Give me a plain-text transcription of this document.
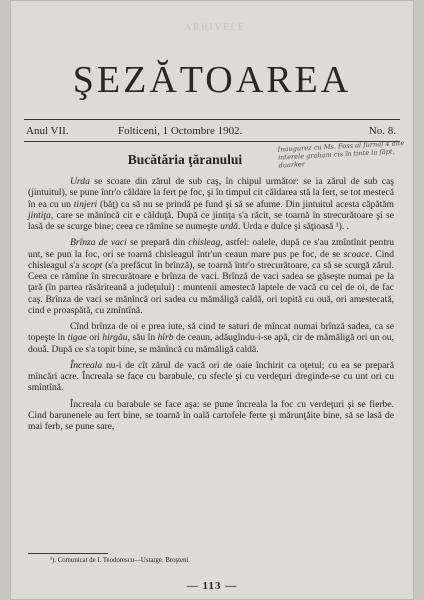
ARHIVELE
ŞEZĂTOAREA
Anul VII.	Folticeni, 1 Octombre 1902.	No. 8.
Inaugurez cu Ms. Foss al furnal 4 alte interele graham cis în tinte la făpt, duarker
Bucătăria ţăranului

Urda se scoate din zărul de sub caş, în chipul următor: se ia zărul de sub caş (jintuitul), se pune într'o căldare la fert pe foc, şi în timpul cit căldarea stă la fert, se tot mestecă în ea cu un tinjeri (băţ) ca să nu se prindă pe fund şi să se afume. Din jintuitul acesta căpătăm jintiţa, care se mănîncă cit e călduţă. După ce jintiţa s'a răcit, se toarnă în strecurătoare şi se lasă de se scurge bine; ceea ce rămîne se numeşte urdă. Urda e dulce şi săţioasă ¹). .

Brînza de vaci se prepară din chisleag, astfel: oalele, după ce s'au zmîntînit pentru unt, se pun la foc, ori se toarnă chisleagul într'un ceaun mare pus pe foc, de se scoace. Cind chisleagul s'a scopt (s'a prefăcut în brînză), se toarnă într'o strecurătoare, ca să se scurgă zărul. Ceea ce rămîne în strecurătoare e brînza de vaci. Brînză de vaci sadea se găseşte numai pe la ţară (în partea răsăriteană a judeţului) : muntenii amestecă laptele de vacă cu cel de oi, de fac caş. Brînza de vaci se mănîncă ori sadea cu mămăligă caldă, ori topită cu ouă, ori amestecată, cind e proaspătă, cu zmîntînă.

Cînd brînza de oi e prea iute, să cind te saturi de mîncat numai brînză sadea, ca se topeşte în tigae ori hirgău, său în hîrb de ceaun, adăugîndu-i-se apă, cir de mămăligă ori un ou, două. După ce s'a topit bine, se mănîncă cu mămăligă caldă.

Încreala nu-i de cît zărul de vacă ori de oaie închirit ca oţetul; cu ea se prepară mîncări acre. Încreala se face cu barabule, cu sfecle şi cu verdeţuri dreginde-se cu unt ori cu smîntînă.

Încreala cu barabule se face aşa: se pune încreala la foc cu verdeţuri şi se fierbe. Cind barunenele au fert bine, se toarnă în oală cartofele ferte şi mărunţăite bine, să se lasă de mai ferb, se pune sare,

¹). Comunicat de I. Teodorescu—Ustarge. Broşteni.
— 113 —
